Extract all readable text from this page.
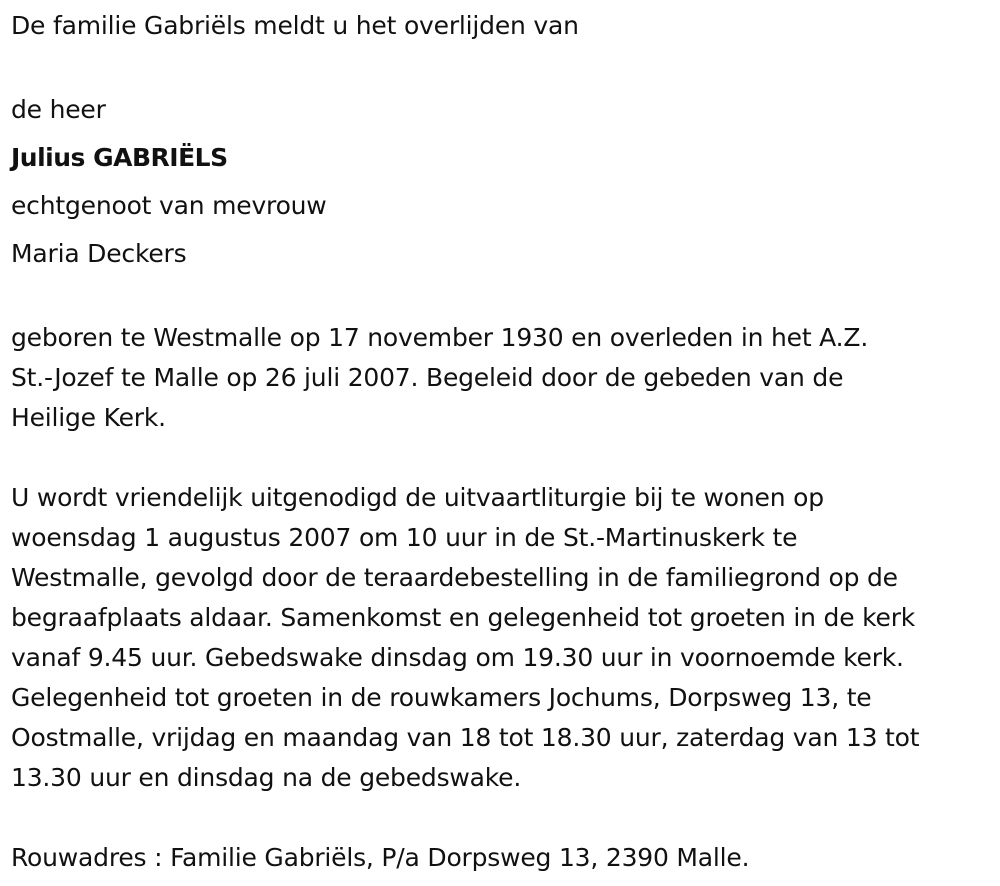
De familie Gabriëls meldt u het overlijden van
de heer
Julius GABRIËLS
echtgenoot van mevrouw
Maria Deckers
geboren te Westmalle op 17 november 1930 en overleden in het A.Z.
St.-Jozef te Malle op 26 juli 2007. Begeleid door de gebeden van de
Heilige Kerk.
U wordt vriendelijk uitgenodigd de uitvaartliturgie bij te wonen op
woensdag 1 augustus 2007 om 10 uur in de St.-Martinuskerk te
Westmalle, gevolgd door de teraardebestelling in de familiegrond op de
begraafplaats aldaar. Samenkomst en gelegenheid tot groeten in de kerk
vanaf 9.45 uur. Gebedswake dinsdag om 19.30 uur in voornoemde kerk.
Gelegenheid tot groeten in de rouwkamers Jochums, Dorpsweg 13, te
Oostmalle, vrijdag en maandag van 18 tot 18.30 uur, zaterdag van 13 tot
13.30 uur en dinsdag na de gebedswake.
Rouwadres : Familie Gabriëls, P/a Dorpsweg 13, 2390 Malle.
